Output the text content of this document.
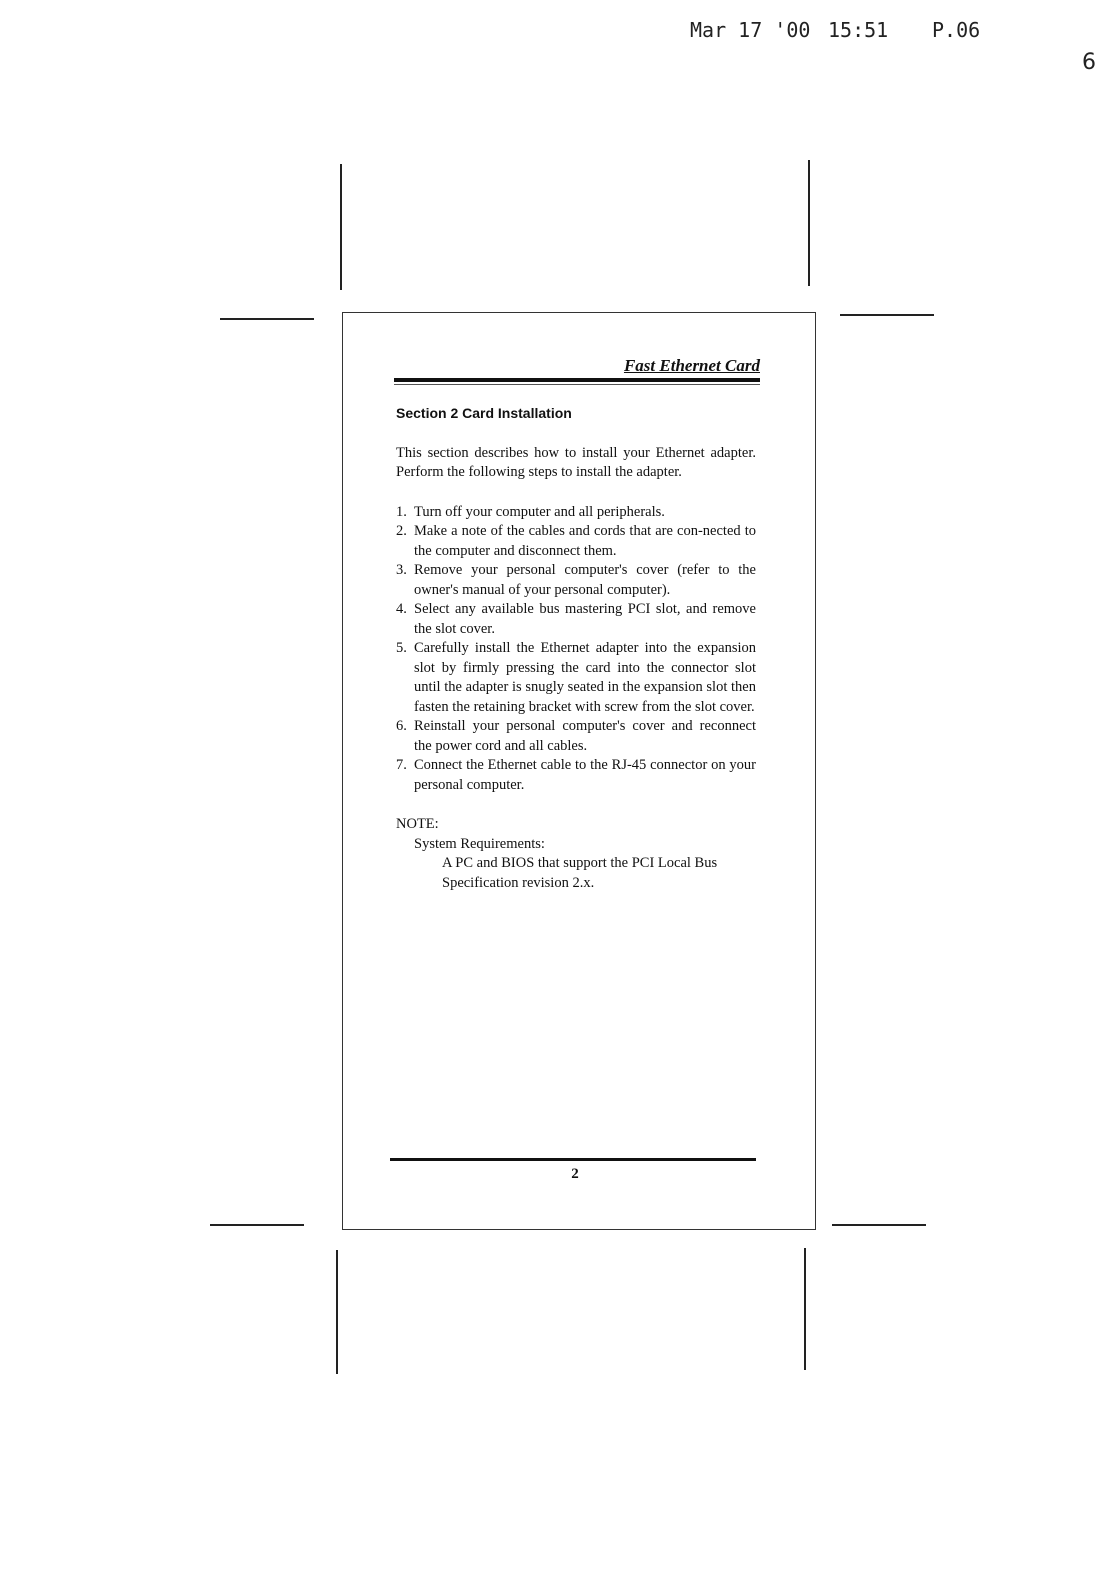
Mar 17 '00 15:51 P.06
6
Fast Ethernet Card
Section 2 Card Installation
This section describes how to install your Ethernet adapter. Perform the following steps to install the adapter.
1. Turn off your computer and all peripherals.
2. Make a note of the cables and cords that are con-nected to the computer and disconnect them.
3. Remove your personal computer's cover (refer to the owner's manual of your personal computer).
4. Select any available bus mastering PCI slot, and remove the slot cover.
5. Carefully install the Ethernet adapter into the expansion slot by firmly pressing the card into the connector slot until the adapter is snugly seated in the expansion slot then fasten the retaining bracket with screw from the slot cover.
6. Reinstall your personal computer's cover and reconnect the power cord and all cables.
7. Connect the Ethernet cable to the RJ-45 connector on your personal computer.
NOTE:
System Requirements:
A PC and BIOS that support the PCI Local Bus Specification revision 2.x.
2
